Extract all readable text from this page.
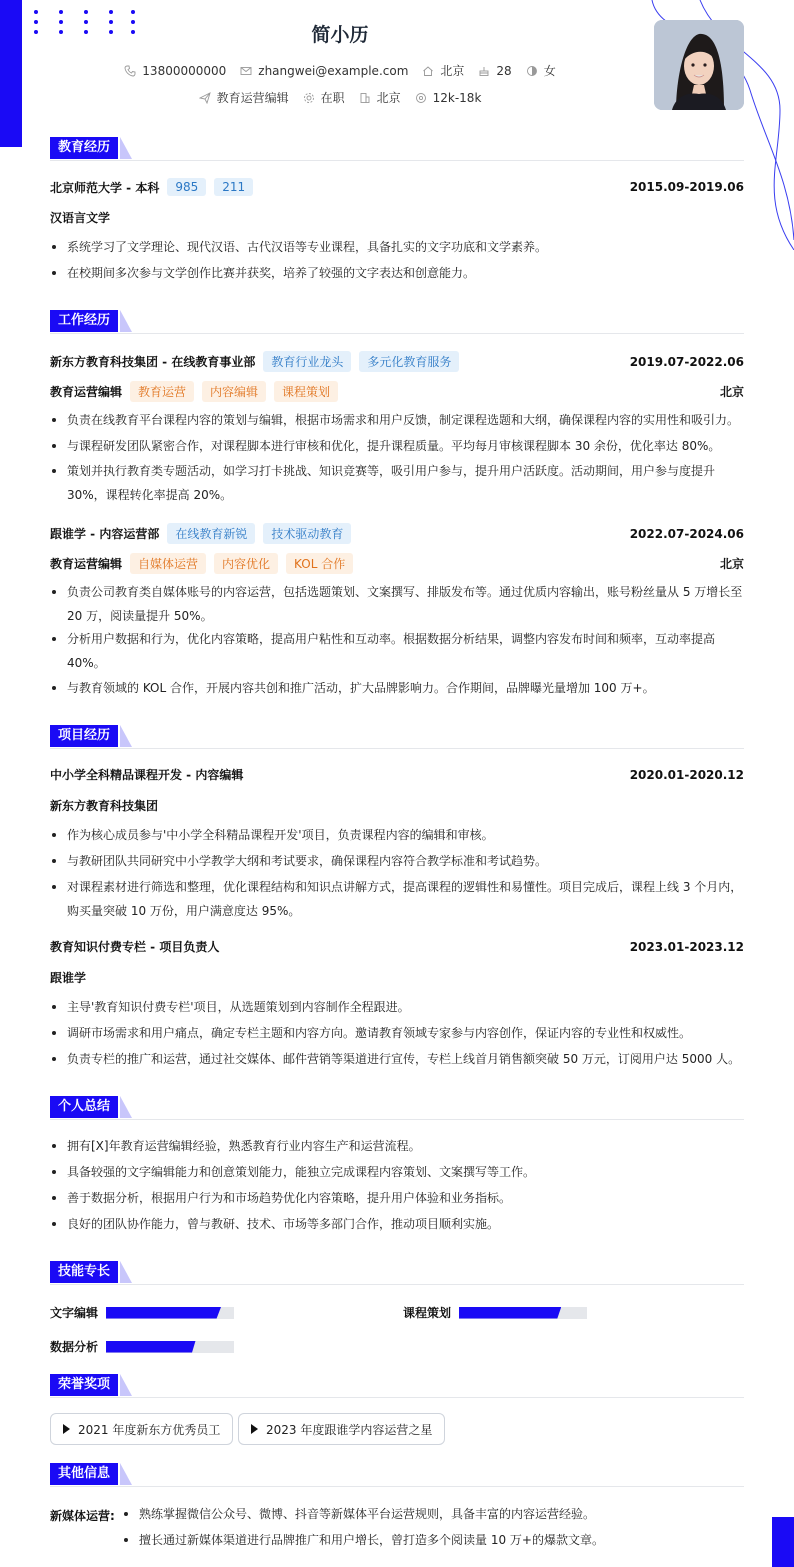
简小历
13800000000	zhangwei@example.com	北京	28	女
教育运营编辑	在职	北京	12k-18k
教育经历
北京师范大学 - 本科	985	211	2015.09-2019.06
汉语言文学
系统学习了文学理论、现代汉语、古代汉语等专业课程，具备扎实的文字功底和文学素养。
在校期间多次参与文学创作比赛并获奖，培养了较强的文字表达和创意能力。
工作经历
新东方教育科技集团 - 在线教育事业部	教育行业龙头	多元化教育服务	2019.07-2022.06
教育运营编辑	教育运营	内容编辑	课程策划	北京
负责在线教育平台课程内容的策划与编辑，根据市场需求和用户反馈，制定课程选题和大纲，确保课程内容的实用性和吸引力。
与课程研发团队紧密合作，对课程脚本进行审核和优化，提升课程质量。平均每月审核课程脚本 30 余份，优化率达 80%。
策划并执行教育类专题活动，如学习打卡挑战、知识竞赛等，吸引用户参与，提升用户活跃度。活动期间，用户参与度提升 30%，课程转化率提高 20%。
跟谁学 - 内容运营部	在线教育新锐	技术驱动教育	2022.07-2024.06
教育运营编辑	自媒体运营	内容优化	KOL 合作	北京
负责公司教育类自媒体账号的内容运营，包括选题策划、文案撰写、排版发布等。通过优质内容输出，账号粉丝量从 5 万增长至 20 万，阅读量提升 50%。
分析用户数据和行为，优化内容策略，提高用户粘性和互动率。根据数据分析结果，调整内容发布时间和频率，互动率提高 40%。
与教育领域的 KOL 合作，开展内容共创和推广活动，扩大品牌影响力。合作期间，品牌曝光量增加 100 万+。
项目经历
中小学全科精品课程开发 - 内容编辑	2020.01-2020.12
新东方教育科技集团
作为核心成员参与'中小学全科精品课程开发'项目，负责课程内容的编辑和审核。
与教研团队共同研究中小学教学大纲和考试要求，确保课程内容符合教学标准和考试趋势。
对课程素材进行筛选和整理，优化课程结构和知识点讲解方式，提高课程的逻辑性和易懂性。项目完成后，课程上线 3 个月内，购买量突破 10 万份，用户满意度达 95%。
教育知识付费专栏 - 项目负责人	2023.01-2023.12
跟谁学
主导'教育知识付费专栏'项目，从选题策划到内容制作全程跟进。
调研市场需求和用户痛点，确定专栏主题和内容方向。邀请教育领域专家参与内容创作，保证内容的专业性和权威性。
负责专栏的推广和运营，通过社交媒体、邮件营销等渠道进行宣传，专栏上线首月销售额突破 50 万元，订阅用户达 5000 人。
个人总结
拥有[X]年教育运营编辑经验，熟悉教育行业内容生产和运营流程。
具备较强的文字编辑能力和创意策划能力，能独立完成课程内容策划、文案撰写等工作。
善于数据分析，根据用户行为和市场趋势优化内容策略，提升用户体验和业务指标。
良好的团队协作能力，曾与教研、技术、市场等多部门合作，推动项目顺利实施。
技能专长
文字编辑	课程策划
数据分析
荣誉奖项
2021 年度新东方优秀员工	2023 年度跟谁学内容运营之星
其他信息
新媒体运营:	熟练掌握微信公众号、微博、抖音等新媒体平台运营规则，具备丰富的内容运营经验。
擅长通过新媒体渠道进行品牌推广和用户增长，曾打造多个阅读量 10 万+的爆款文章。
